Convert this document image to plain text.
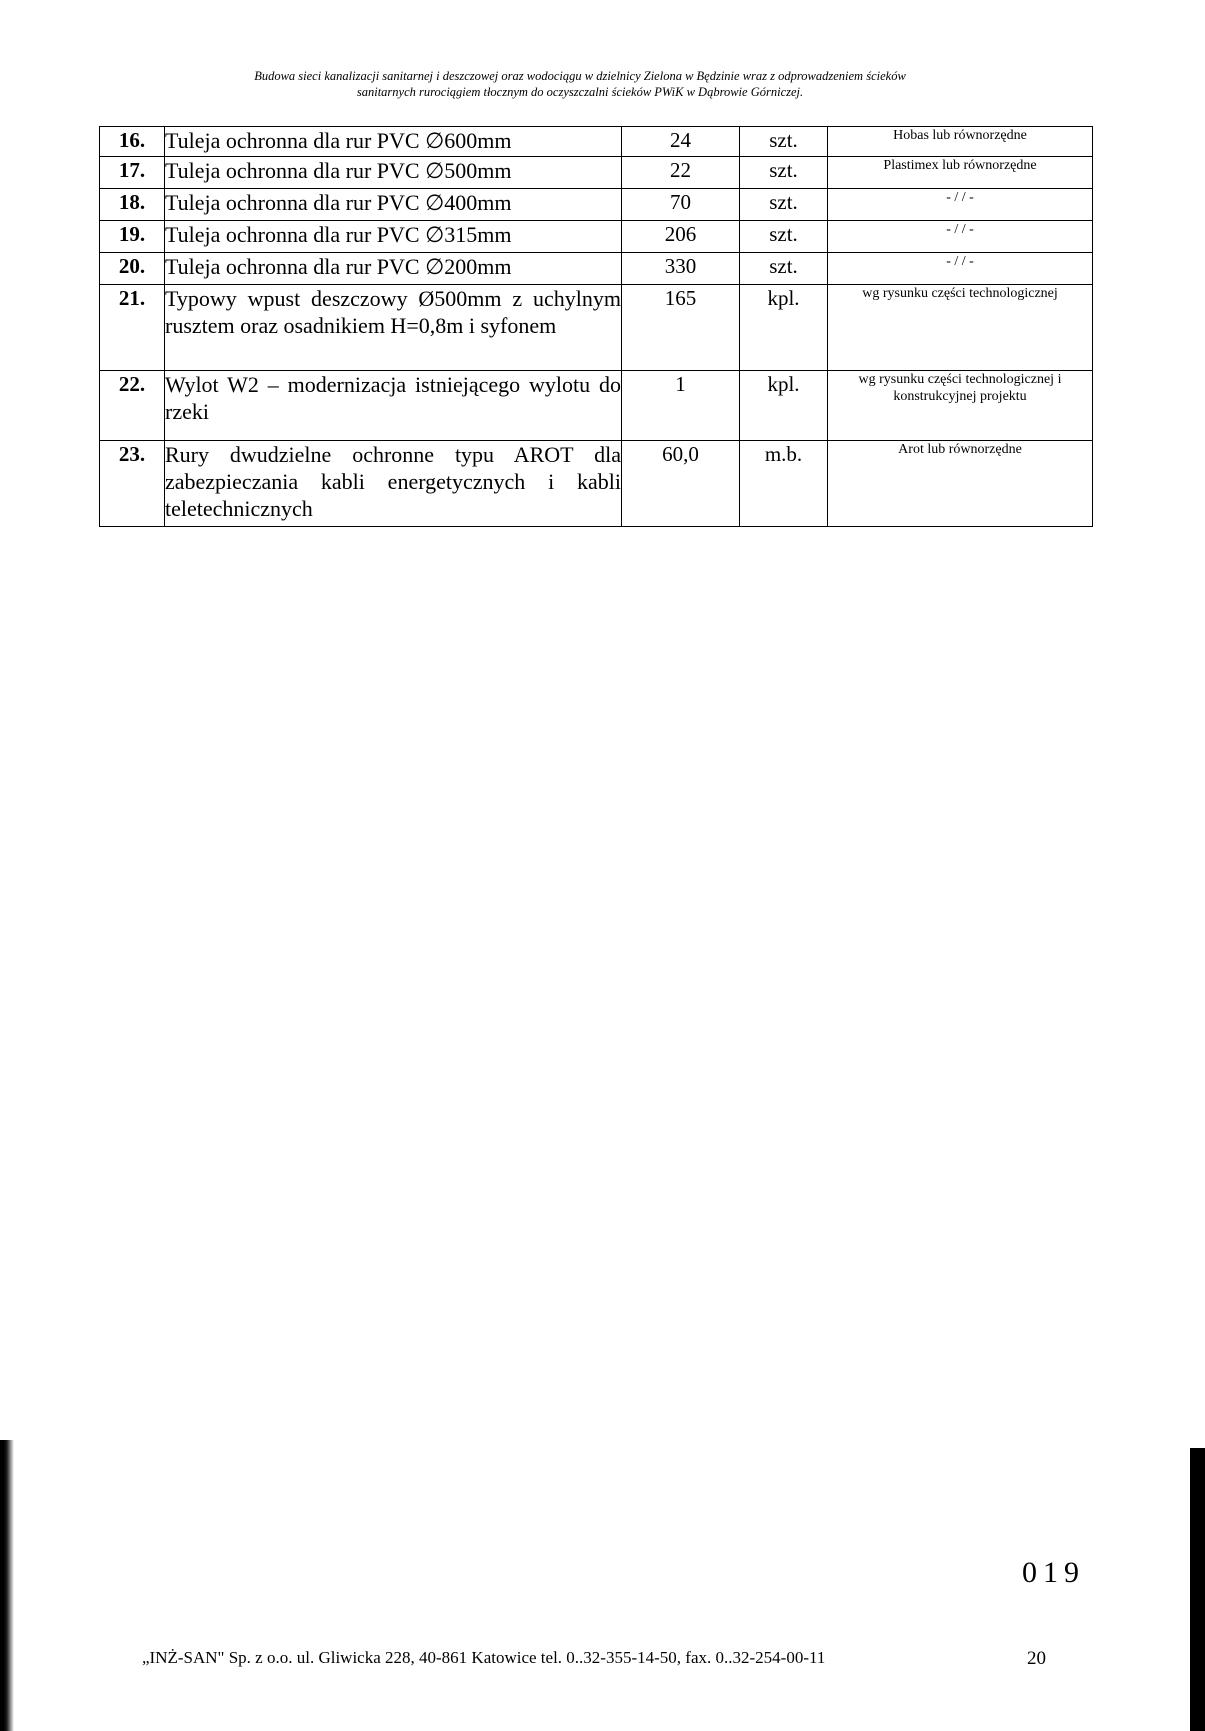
Budowa sieci kanalizacji sanitarnej i deszczowej oraz wodociągu w dzielnicy Zielona w Będzinie wraz z odprowadzeniem ścieków
sanitarnych rurociągiem tłocznym do oczyszczalni ścieków PWiK w Dąbrowie Górniczej.
16.	Tuleja ochronna dla rur PVC ∅600mm	24	szt.	Hobas lub równorzędne
17.	Tuleja ochronna dla rur PVC ∅500mm	22	szt.	Plastimex lub równorzędne
18.	Tuleja ochronna dla rur PVC ∅400mm	70	szt.	- / / -
19.	Tuleja ochronna dla rur PVC ∅315mm	206	szt.	- / / -
20.	Tuleja ochronna dla rur PVC ∅200mm	330	szt.	- / / -
21.	Typowy wpust deszczowy Ø500mm z uchylnym rusztem oraz osadnikiem H=0,8m i syfonem	165	kpl.	wg rysunku części technologicznej
22.	Wylot W2 – modernizacja istniejącego wylotu do rzeki	1	kpl.	wg rysunku części technologicznej i konstrukcyjnej projektu
23.	Rury dwudzielne ochronne typu AROT dla zabezpieczania kabli energetycznych i kabli teletechnicznych	60,0	m.b.	Arot lub równorzędne
019
„INŻ-SAN" Sp. z o.o. ul. Gliwicka 228, 40-861 Katowice tel. 0..32-355-14-50, fax. 0..32-254-00-11	20
